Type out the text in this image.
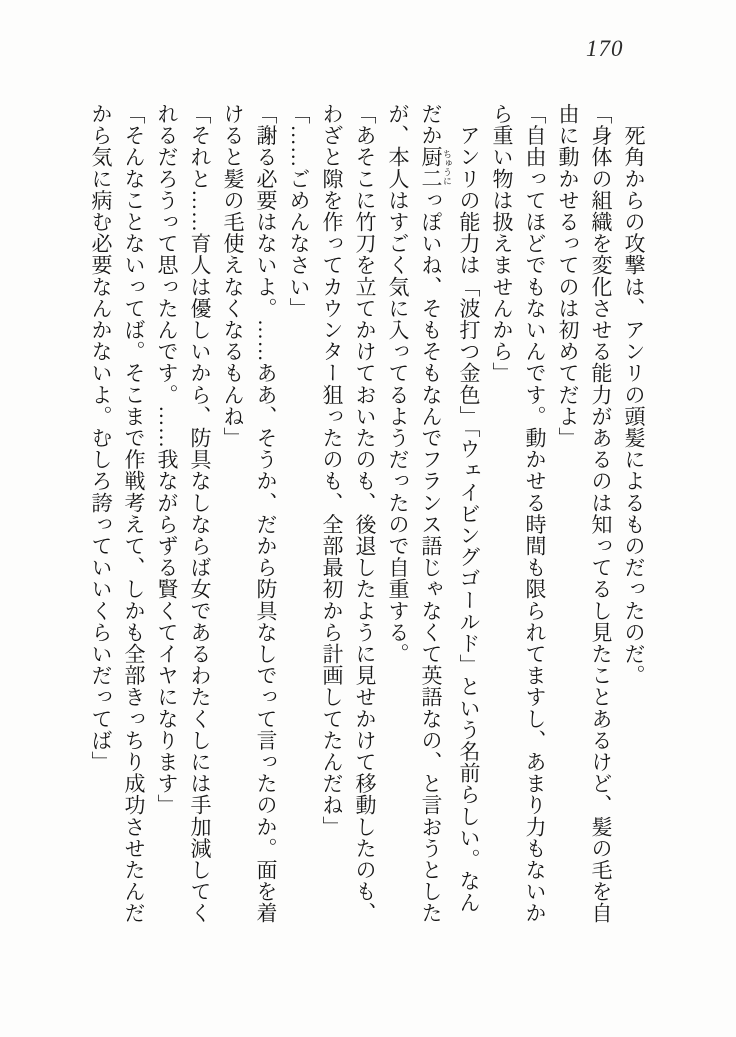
170
　死角からの攻撃は、アンリの頭髪によるものだったのだ。
「身体の組織を変化させる能力があるのは知ってるし見たことあるけど、髪の毛を自
由に動かせるってのは初めてだよ」
「自由ってほどでもないんです。動かせる時間も限られてますし、あまり力もないか
ら重い物は扱えませんから」
　アンリの能力は「波打つ金色」「ウェイビングゴールド」という名前らしい。なん
だか厨二 ちゅうにっぽいね、そもそもなんでフランス語じゃなくて英語なの、と言おうとした
が、本人はすごく気に入ってるようだったので自重する。
「あそこに竹刀を立てかけておいたのも、後退したように見せかけて移動したのも、
わざと隙を作ってカウンター狙ったのも、全部最初から計画してたんだね」
「……ごめんなさい」
「謝る必要はないよ。……ああ、そうか、だから防具なしでって言ったのか。面を着
けると髪の毛使えなくなるもんね」
「それと……育人は優しいから、防具なしならば女であるわたくしには手加減してく
れるだろうって思ったんです。……我ながらずる賢くてイヤになります」
「そんなことないってば。そこまで作戦考えて、しかも全部きっちり成功させたんだ
から気に病む必要なんかないよ。むしろ誇っていいくらいだってば」
